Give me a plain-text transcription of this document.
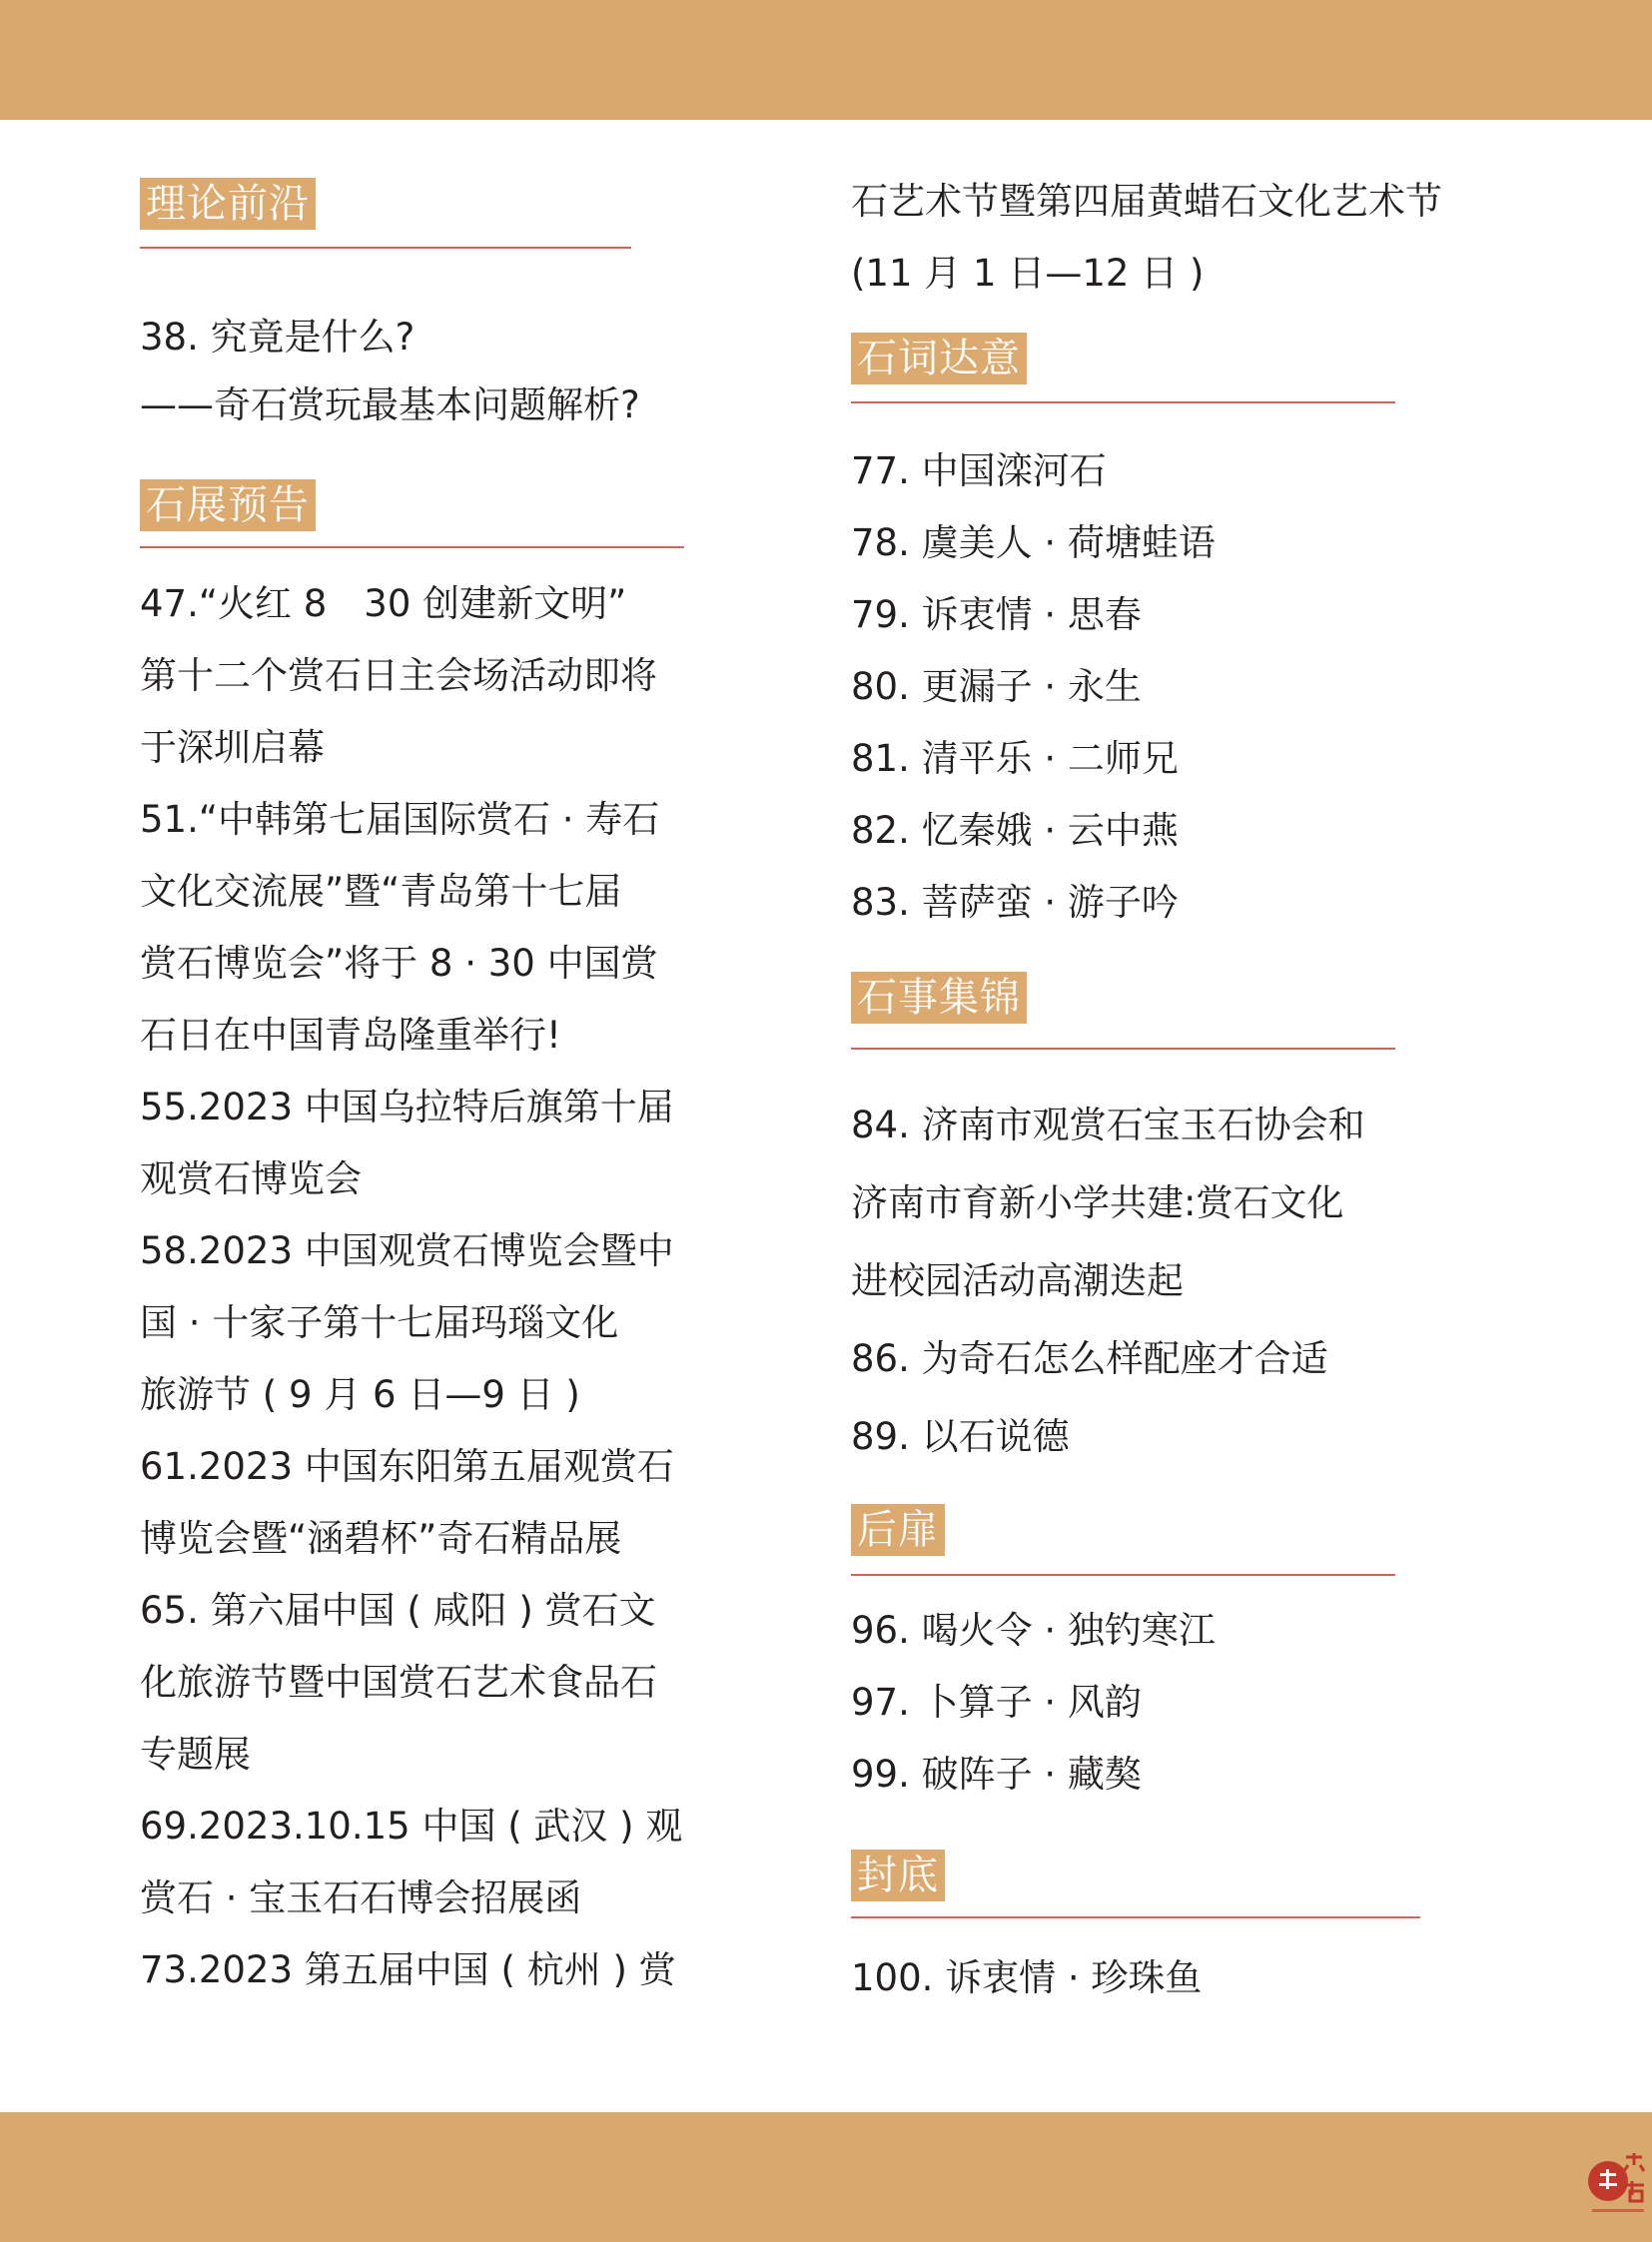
理论前沿
38. 究竟是什么?
——奇石赏玩最基本问题解析?
石展预告
47.“火红 8　30 创建新文明”
第十二个赏石日主会场活动即将
于深圳启幕
51.“中韩第七届国际赏石 · 寿石
文化交流展”暨“青岛第十七届
赏石博览会”将于 8 · 30 中国赏
石日在中国青岛隆重举行!
55.2023 中国乌拉特后旗第十届
观赏石博览会
58.2023 中国观赏石博览会暨中
国 · 十家子第十七届玛瑙文化
旅游节 ( 9 月 6 日—9 日 )
61.2023 中国东阳第五届观赏石
博览会暨“涵碧杯”奇石精品展
65. 第六届中国 ( 咸阳 ) 赏石文
化旅游节暨中国赏石艺术食品石
专题展
69.2023.10.15 中国 ( 武汉 ) 观
赏石 · 宝玉石石博会招展函
73.2023 第五届中国 ( 杭州 ) 赏
石艺术节暨第四届黄蜡石文化艺术节
(11 月 1 日—12 日 )
石词达意
77. 中国滦河石
78. 虞美人 · 荷塘蛙语
79. 诉衷情 · 思春
80. 更漏子 · 永生
81. 清平乐 · 二师兄
82. 忆秦娥 · 云中燕
83. 菩萨蛮 · 游子吟
石事集锦
84. 济南市观赏石宝玉石协会和
济南市育新小学共建:赏石文化
进校园活动高潮迭起
86. 为奇石怎么样配座才合适
89. 以石说德
后扉
96. 喝火令 · 独钓寒江
97. 卜算子 · 风韵
99. 破阵子 · 藏獒
封底
100. 诉衷情 · 珍珠鱼
